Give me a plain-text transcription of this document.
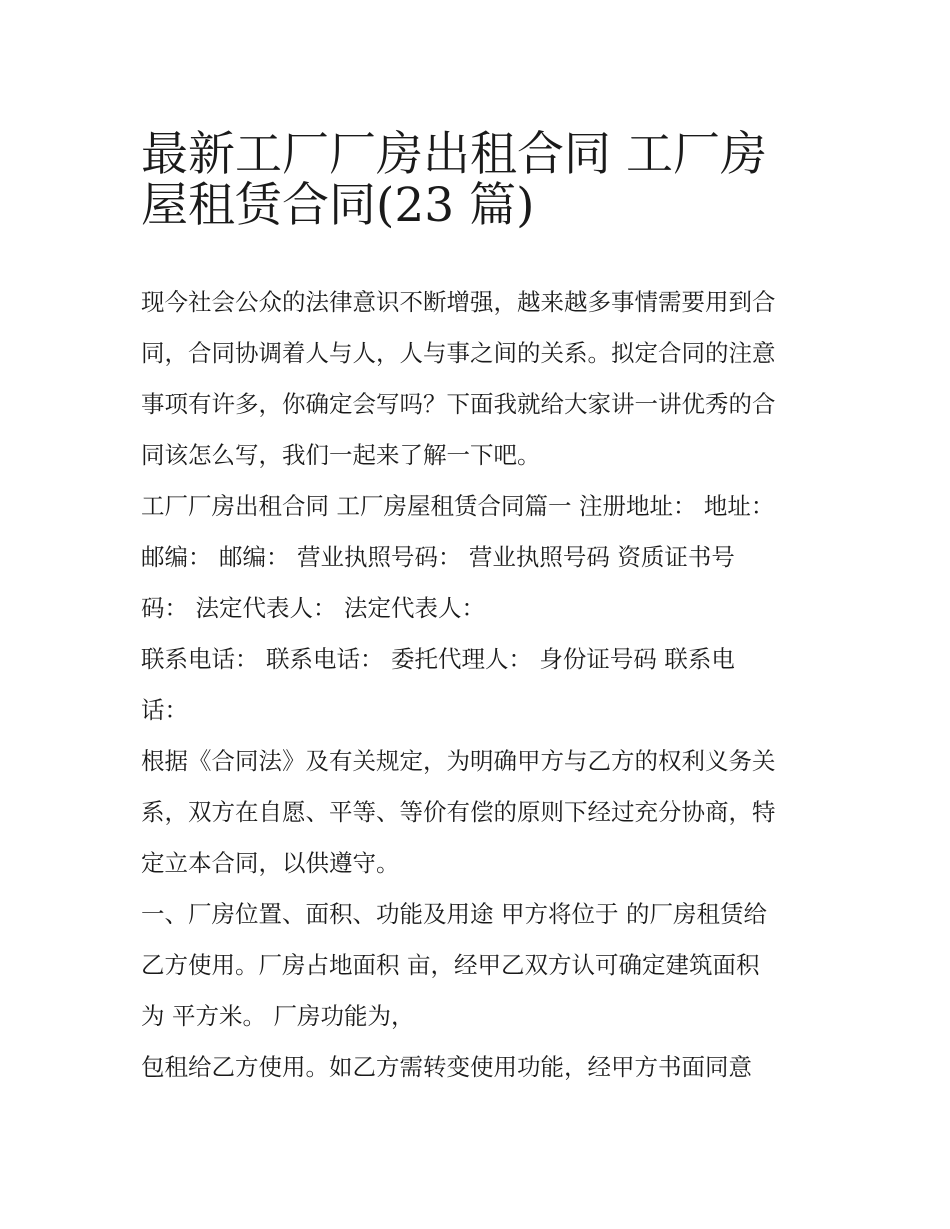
最新工厂厂房出租合同 工厂房
屋租赁合同(23 篇)

现今社会公众的法律意识不断增强，越来越多事情需要用到合
同，合同协调着人与人，人与事之间的关系。拟定合同的注意
事项有许多，你确定会写吗？下面我就给大家讲一讲优秀的合
同该怎么写，我们一起来了解一下吧。

工厂厂房出租合同 工厂房屋租赁合同篇一 注册地址： 地址：
邮编： 邮编： 营业执照号码： 营业执照号码 资质证书号
码： 法定代表人： 法定代表人：

联系电话： 联系电话： 委托代理人： 身份证号码 联系电
话：

根据《合同法》及有关规定，为明确甲方与乙方的权利义务关
系，双方在自愿、平等、等价有偿的原则下经过充分协商，特
定立本合同，以供遵守。

一、厂房位置、面积、功能及用途 甲方将位于 的厂房租赁给
乙方使用。厂房占地面积 亩，经甲乙双方认可确定建筑面积
为 平方米。 厂房功能为，

包租给乙方使用。如乙方需转变使用功能，经甲方书面同意
